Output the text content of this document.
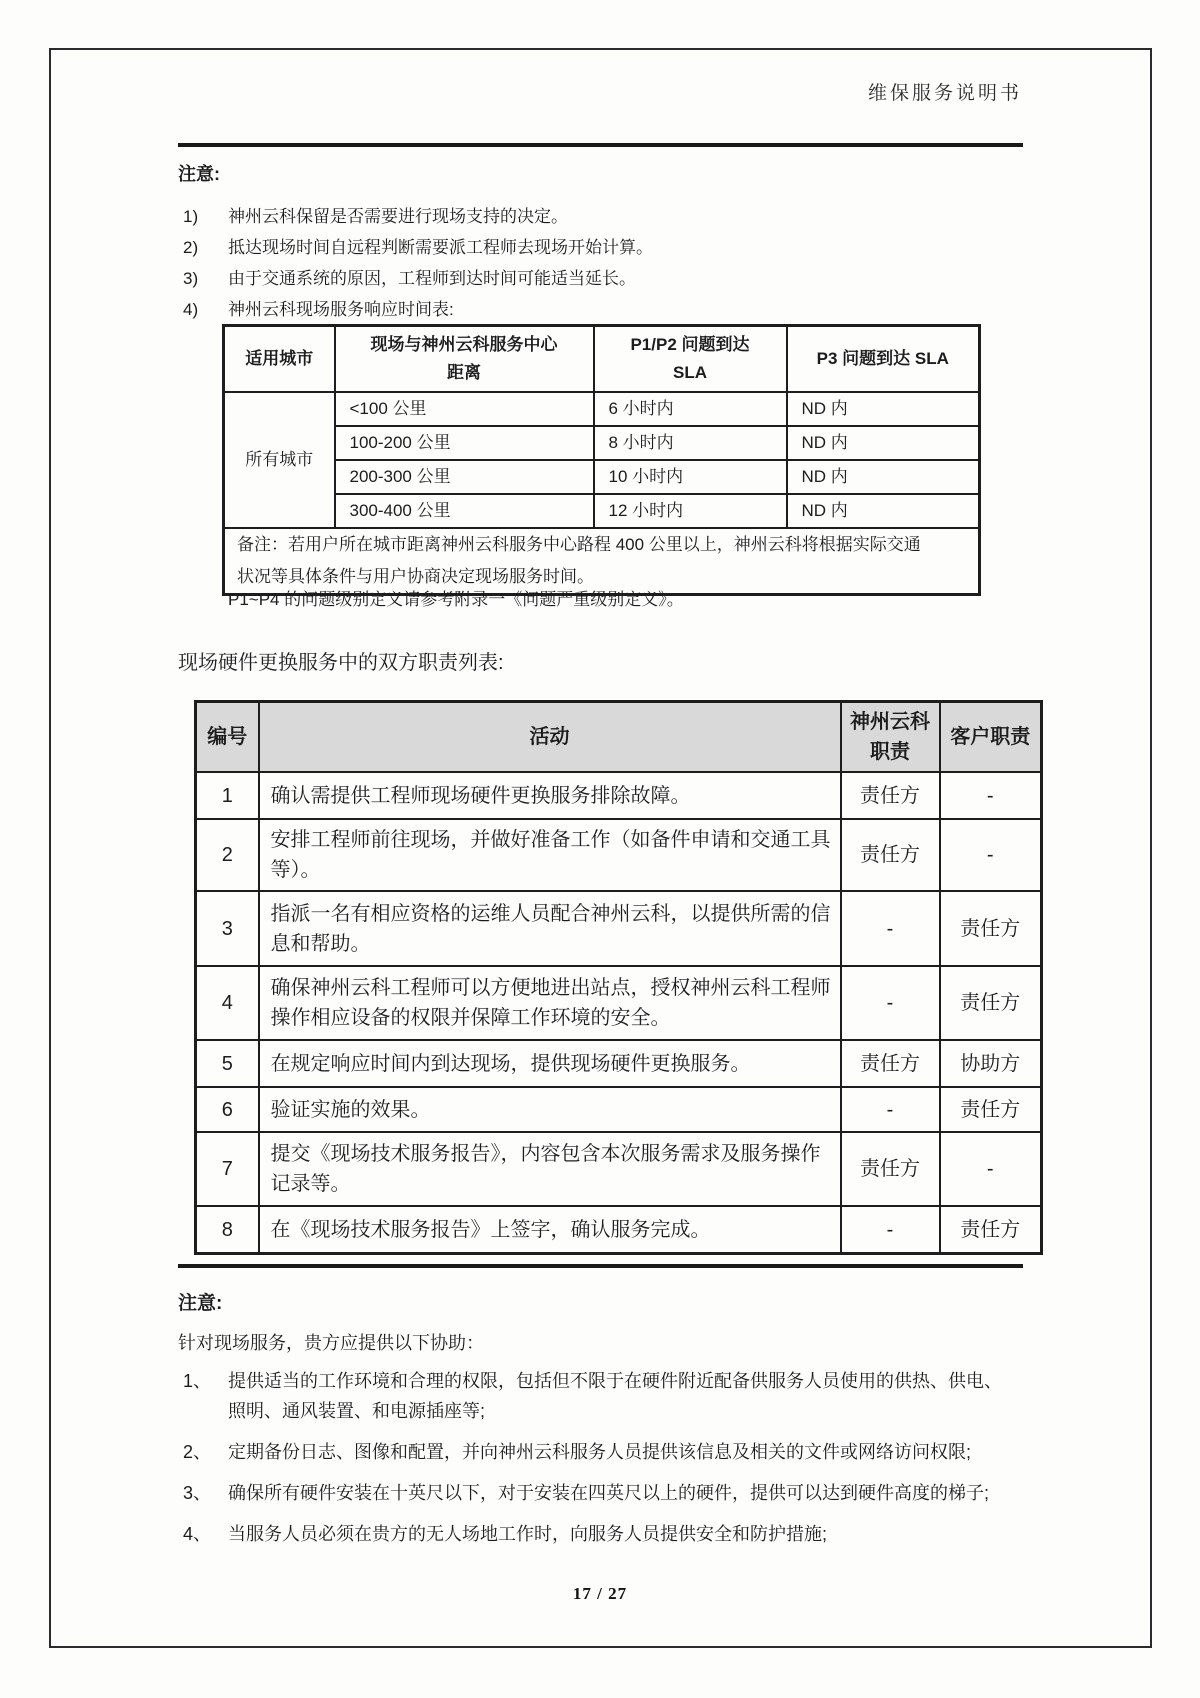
维保服务说明书
注意:
1)	神州云科保留是否需要进行现场支持的决定。
2)	抵达现场时间自远程判断需要派工程师去现场开始计算。
3)	由于交通系统的原因，工程师到达时间可能适当延长。
4)	神州云科现场服务响应时间表:
适用城市	现场与神州云科服务中心距离	P1/P2 问题到达 SLA	P3 问题到达 SLA
所有城市	<100 公里	6 小时内	ND 内
	100-200 公里	8 小时内	ND 内
	200-300 公里	10 小时内	ND 内
	300-400 公里	12 小时内	ND 内
备注：若用户所在城市距离神州云科服务中心路程 400 公里以上，神州云科将根据实际交通状况等具体条件与用户协商决定现场服务时间。			
P1~P4 的问题级别定义请参考附录一《问题严重级别定义》。
现场硬件更换服务中的双方职责列表:
编号	活动	神州云科职责	客户职责
1	确认需提供工程师现场硬件更换服务排除故障。	责任方	-
2	安排工程师前往现场，并做好准备工作（如备件申请和交通工具等）。	责任方	-
3	指派一名有相应资格的运维人员配合神州云科，以提供所需的信息和帮助。	-	责任方
4	确保神州云科工程师可以方便地进出站点，授权神州云科工程师操作相应设备的权限并保障工作环境的安全。	-	责任方
5	在规定响应时间内到达现场，提供现场硬件更换服务。	责任方	协助方
6	验证实施的效果。	-	责任方
7	提交《现场技术服务报告》，内容包含本次服务需求及服务操作记录等。	责任方	-
8	在《现场技术服务报告》上签字，确认服务完成。	-	责任方
注意:
针对现场服务，贵方应提供以下协助：
1、 提供适当的工作环境和合理的权限，包括但不限于在硬件附近配备供服务人员使用的供热、供电、照明、通风装置、和电源插座等;
2、 定期备份日志、图像和配置，并向神州云科服务人员提供该信息及相关的文件或网络访问权限;
3、 确保所有硬件安装在十英尺以下，对于安装在四英尺以上的硬件，提供可以达到硬件高度的梯子;
4、 当服务人员必须在贵方的无人场地工作时，向服务人员提供安全和防护措施;
17 / 27
